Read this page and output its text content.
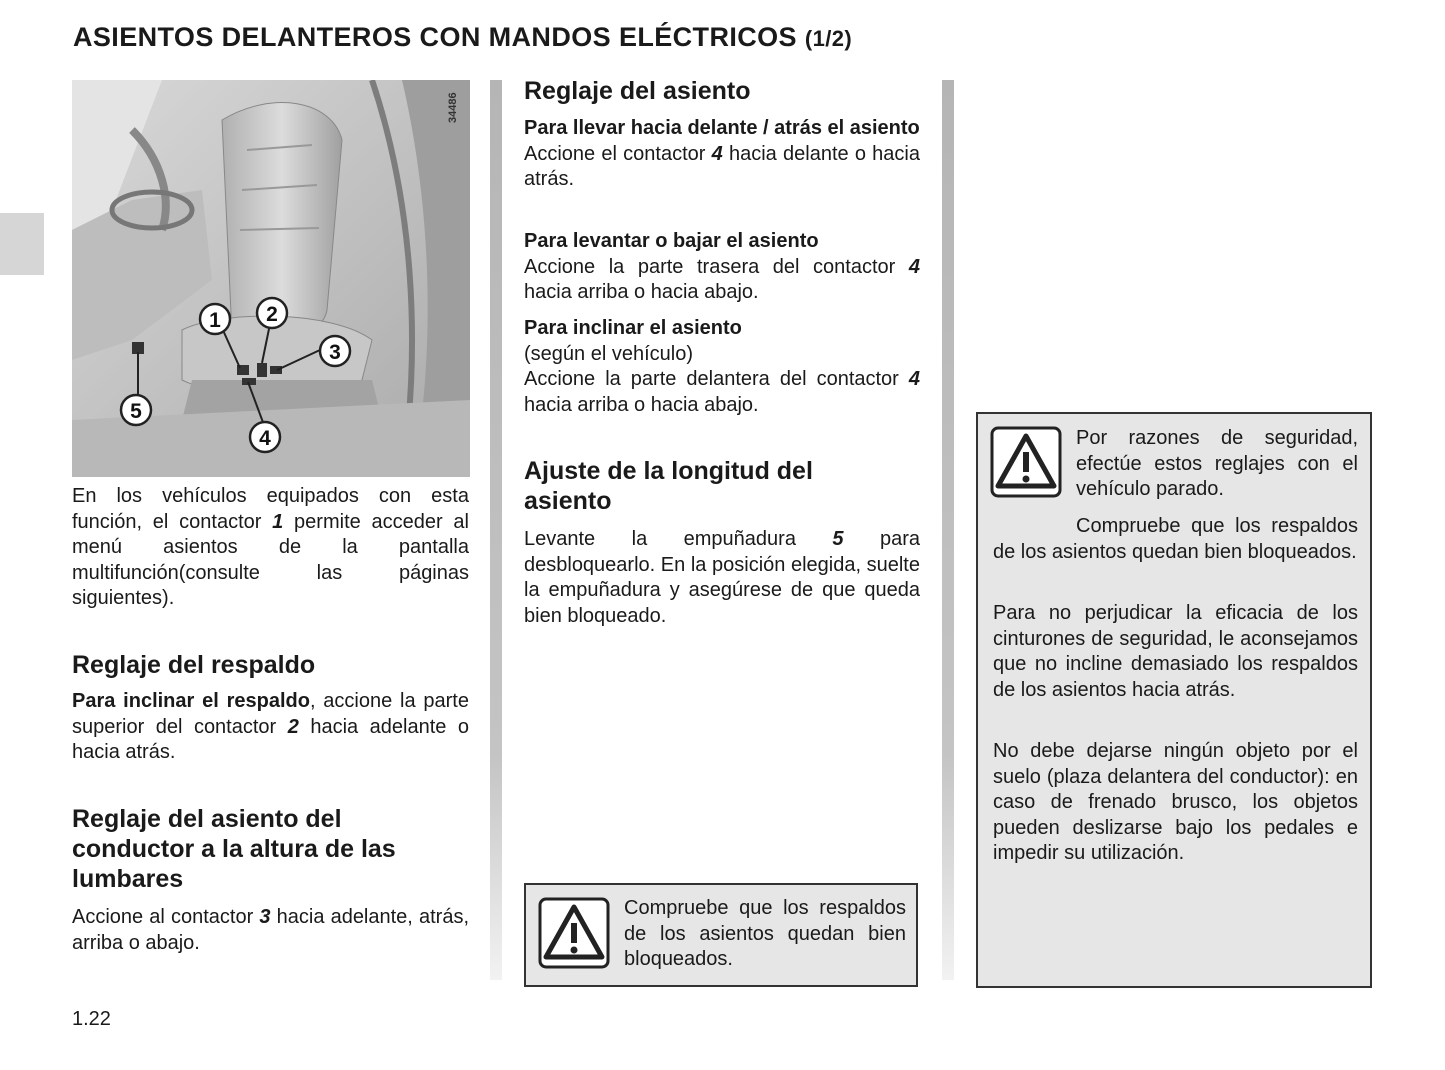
ASIENTOS DELANTEROS CON MANDOS ELÉCTRICOS (1/2)
1 2
3
4
5
34486

En los vehículos equipados con esta función, el contactor 1 permite acceder al menú asientos de la pantalla multifunción(consulte las páginas siguientes).

Reglaje del respaldo

Para inclinar el respaldo, accione la parte superior del contactor 2 hacia adelante o hacia atrás.

Reglaje del asiento del conductor a la altura de las lumbares

Accione al contactor 3 hacia adelante, atrás, arriba o abajo.

Reglaje del asiento

Para llevar hacia delante / atrás el asiento

Accione el contactor 4 hacia delante o hacia atrás.

Para levantar o bajar el asiento

Accione la parte trasera del contactor 4 hacia arriba o hacia abajo.

Para inclinar el asiento

(según el vehículo)

Accione la parte delantera del contactor 4 hacia arriba o hacia abajo.

Ajuste de la longitud del asiento

Levante la empuñadura 5 para desbloquearlo. En la posición elegida, suelte la empuñadura y asegúrese de que queda bien bloqueado.

Compruebe que los respaldos de los asientos quedan bien bloqueados.
Por razones de seguridad, efectúe estos reglajes con el vehículo parado.
Compruebe que los respaldos de los asientos quedan bien bloqueados.
Para no perjudicar la eficacia de los cinturones de seguridad, le aconsejamos que no incline demasiado los respaldos de los asientos hacia atrás.
No debe dejarse ningún objeto por el suelo (plaza delantera del conductor): en caso de frenado brusco, los objetos pueden deslizarse bajo los pedales e impedir su utilización.
1.22
